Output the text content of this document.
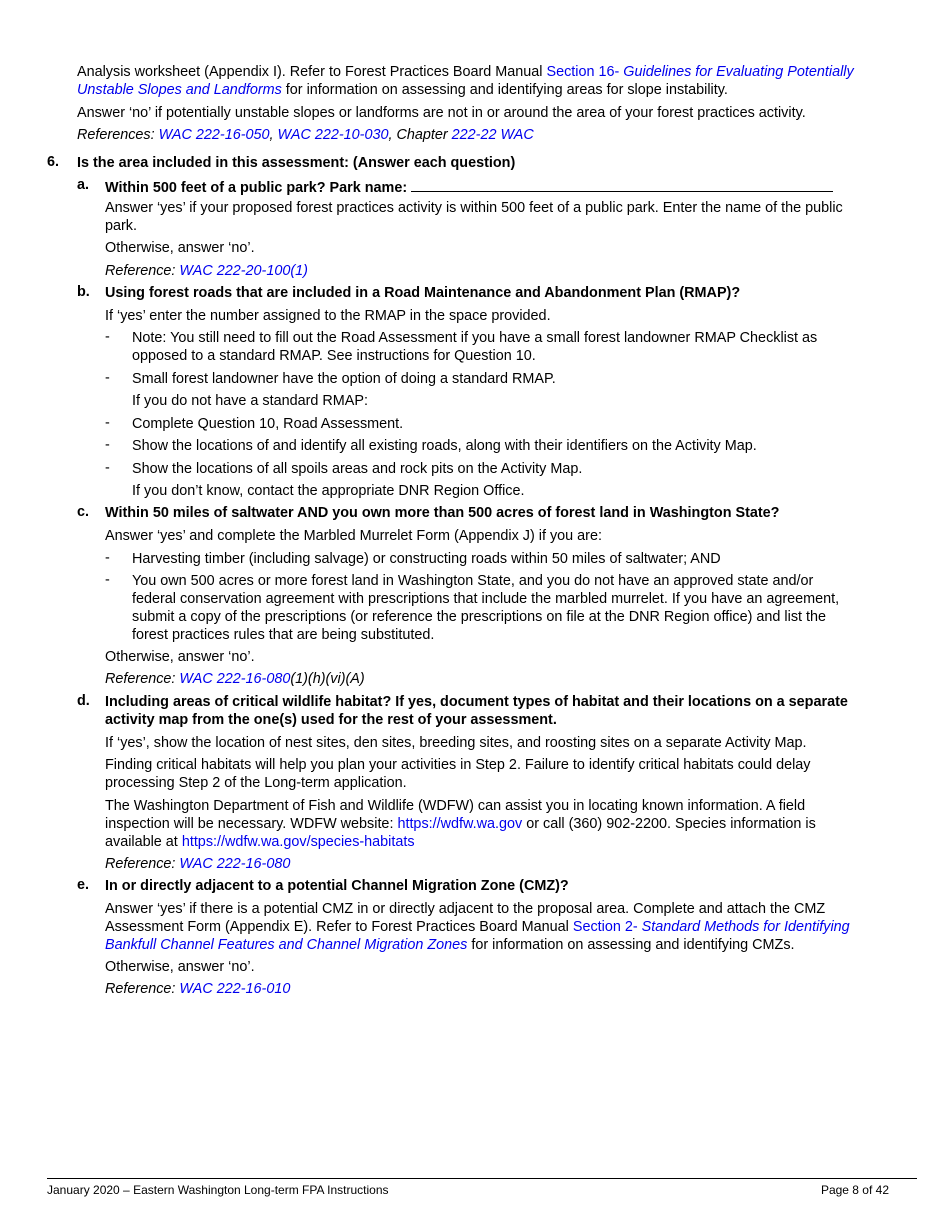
Analysis worksheet (Appendix I). Refer to Forest Practices Board Manual Section 16- Guidelines for Evaluating Potentially

Unstable Slopes and Landforms for information on assessing and identifying areas for slope instability.

Answer ‘no’ if potentially unstable slopes or landforms are not in or around the area of your forest practices activity.

References: WAC 222-16-050, WAC 222-10-030, Chapter 222-22 WAC

6. Is the area included in this assessment: (Answer each question)

a. Within 500 feet of a public park? Park name:

Answer ‘yes’ if your proposed forest practices activity is within 500 feet of a public park. Enter the name of the public

park.

Otherwise, answer ‘no’.

Reference: WAC 222-20-100(1)

b. Using forest roads that are included in a Road Maintenance and Abandonment Plan (RMAP)?

If ‘yes’ enter the number assigned to the RMAP in the space provided.

- Note: You still need to fill out the Road Assessment if you have a small forest landowner RMAP Checklist as

opposed to a standard RMAP. See instructions for Question 10.

- Small forest landowner have the option of doing a standard RMAP.

If you do not have a standard RMAP:

- Complete Question 10, Road Assessment.

- Show the locations of and identify all existing roads, along with their identifiers on the Activity Map.

- Show the locations of all spoils areas and rock pits on the Activity Map.

If you don’t know, contact the appropriate DNR Region Office.

c. Within 50 miles of saltwater AND you own more than 500 acres of forest land in Washington State?

Answer ‘yes’ and complete the Marbled Murrelet Form (Appendix J) if you are:

- Harvesting timber (including salvage) or constructing roads within 50 miles of saltwater; AND

- You own 500 acres or more forest land in Washington State, and you do not have an approved state and/or

federal conservation agreement with prescriptions that include the marbled murrelet. If you have an agreement,

submit a copy of the prescriptions (or reference the prescriptions on file at the DNR Region office) and list the

forest practices rules that are being substituted.

Otherwise, answer ‘no’.

Reference: WAC 222-16-080(1)(h)(vi)(A)

d. Including areas of critical wildlife habitat? If yes, document types of habitat and their locations on a separate

activity map from the one(s) used for the rest of your assessment.

If ‘yes’, show the location of nest sites, den sites, breeding sites, and roosting sites on a separate Activity Map.

Finding critical habitats will help you plan your activities in Step 2. Failure to identify critical habitats could delay

processing Step 2 of the Long-term application.

The Washington Department of Fish and Wildlife (WDFW) can assist you in locating known information. A field

inspection will be necessary. WDFW website: https://wdfw.wa.gov or call (360) 902-2200. Species information is

available at https://wdfw.wa.gov/species-habitats

Reference: WAC 222-16-080

e. In or directly adjacent to a potential Channel Migration Zone (CMZ)?

Answer ‘yes’ if there is a potential CMZ in or directly adjacent to the proposal area. Complete and attach the CMZ

Assessment Form (Appendix E). Refer to Forest Practices Board Manual Section 2- Standard Methods for Identifying

Bankfull Channel Features and Channel Migration Zones for information on assessing and identifying CMZs.

Otherwise, answer ‘no’.

Reference: WAC 222-16-010

January 2020 – Eastern Washington Long-term FPA Instructions	Page 8 of 42
